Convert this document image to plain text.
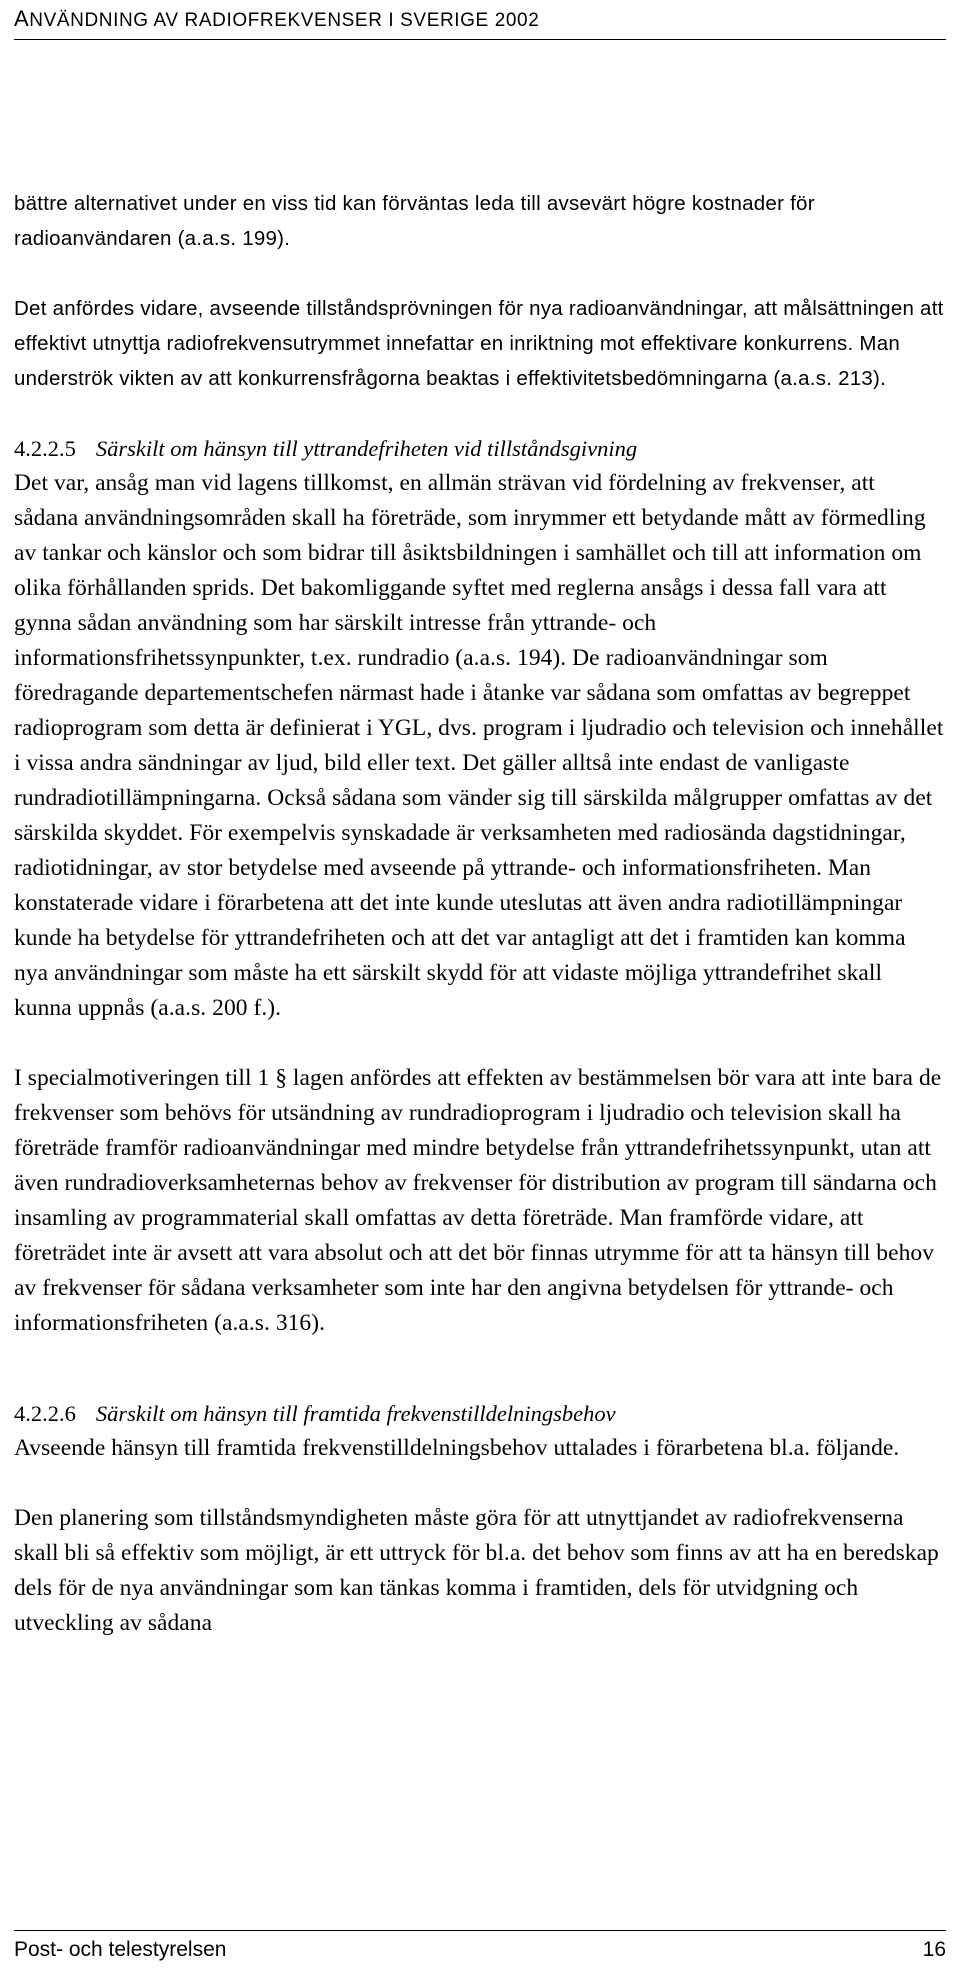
ANVÄNDNING AV RADIOFREKVENSER I SVERIGE 2002

bättre alternativet under en viss tid kan förväntas leda till avsevärt högre kostnader för radioanvändaren (a.a.s. 199).

Det anfördes vidare, avseende tillståndsprövningen för nya radioanvändningar, att målsättningen att effektivt utnyttja radiofrekvensutrymmet innefattar en inriktning mot effektivare konkurrens. Man underströk vikten av att konkurrensfrågorna beaktas i effektivitetsbedömningarna (a.a.s. 213).

4.2.2.5 Särskilt om hänsyn till yttrandefriheten vid tillståndsgivning

Det var, ansåg man vid lagens tillkomst, en allmän strävan vid fördelning av frekvenser, att sådana användningsområden skall ha företräde, som inrymmer ett betydande mått av förmedling av tankar och känslor och som bidrar till åsiktsbildningen i samhället och till att information om olika förhållanden sprids. Det bakomliggande syftet med reglerna ansågs i dessa fall vara att gynna sådan användning som har särskilt intresse från yttrande- och informationsfrihetssynpunkter, t.ex. rundradio (a.a.s. 194). De radioanvändningar som föredragande departementschefen närmast hade i åtanke var sådana som omfattas av begreppet radioprogram som detta är definierat i YGL, dvs. program i ljudradio och television och innehållet i vissa andra sändningar av ljud, bild eller text. Det gäller alltså inte endast de vanligaste rundradiotillämpningarna. Också sådana som vänder sig till särskilda målgrupper omfattas av det särskilda skyddet. För exempelvis synskadade är verksamheten med radiosända dagstidningar, radiotidningar, av stor betydelse med avseende på yttrande- och informationsfriheten. Man konstaterade vidare i förarbetena att det inte kunde uteslutas att även andra radiotillämpningar kunde ha betydelse för yttrandefriheten och att det var antagligt att det i framtiden kan komma nya användningar som måste ha ett särskilt skydd för att vidaste möjliga yttrandefrihet skall kunna uppnås (a.a.s. 200 f.).

I specialmotiveringen till 1 § lagen anfördes att effekten av bestämmelsen bör vara att inte bara de frekvenser som behövs för utsändning av rundradioprogram i ljudradio och television skall ha företräde framför radioanvändningar med mindre betydelse från yttrandefrihetssynpunkt, utan att även rundradioverksamheternas behov av frekvenser för distribution av program till sändarna och insamling av programmaterial skall omfattas av detta företräde. Man framförde vidare, att företrädet inte är avsett att vara absolut och att det bör finnas utrymme för att ta hänsyn till behov av frekvenser för sådana verksamheter som inte har den angivna betydelsen för yttrande- och informationsfriheten (a.a.s. 316).

4.2.2.6 Särskilt om hänsyn till framtida frekvenstilldelningsbehov

Avseende hänsyn till framtida frekvenstilldelningsbehov uttalades i förarbetena bl.a. följande.

Den planering som tillståndsmyndigheten måste göra för att utnyttjandet av radiofrekvenserna skall bli så effektiv som möjligt, är ett uttryck för bl.a. det behov som finns av att ha en beredskap dels för de nya användningar som kan tänkas komma i framtiden, dels för utvidgning och utveckling av sådana

Post- och telestyrelsen	16
